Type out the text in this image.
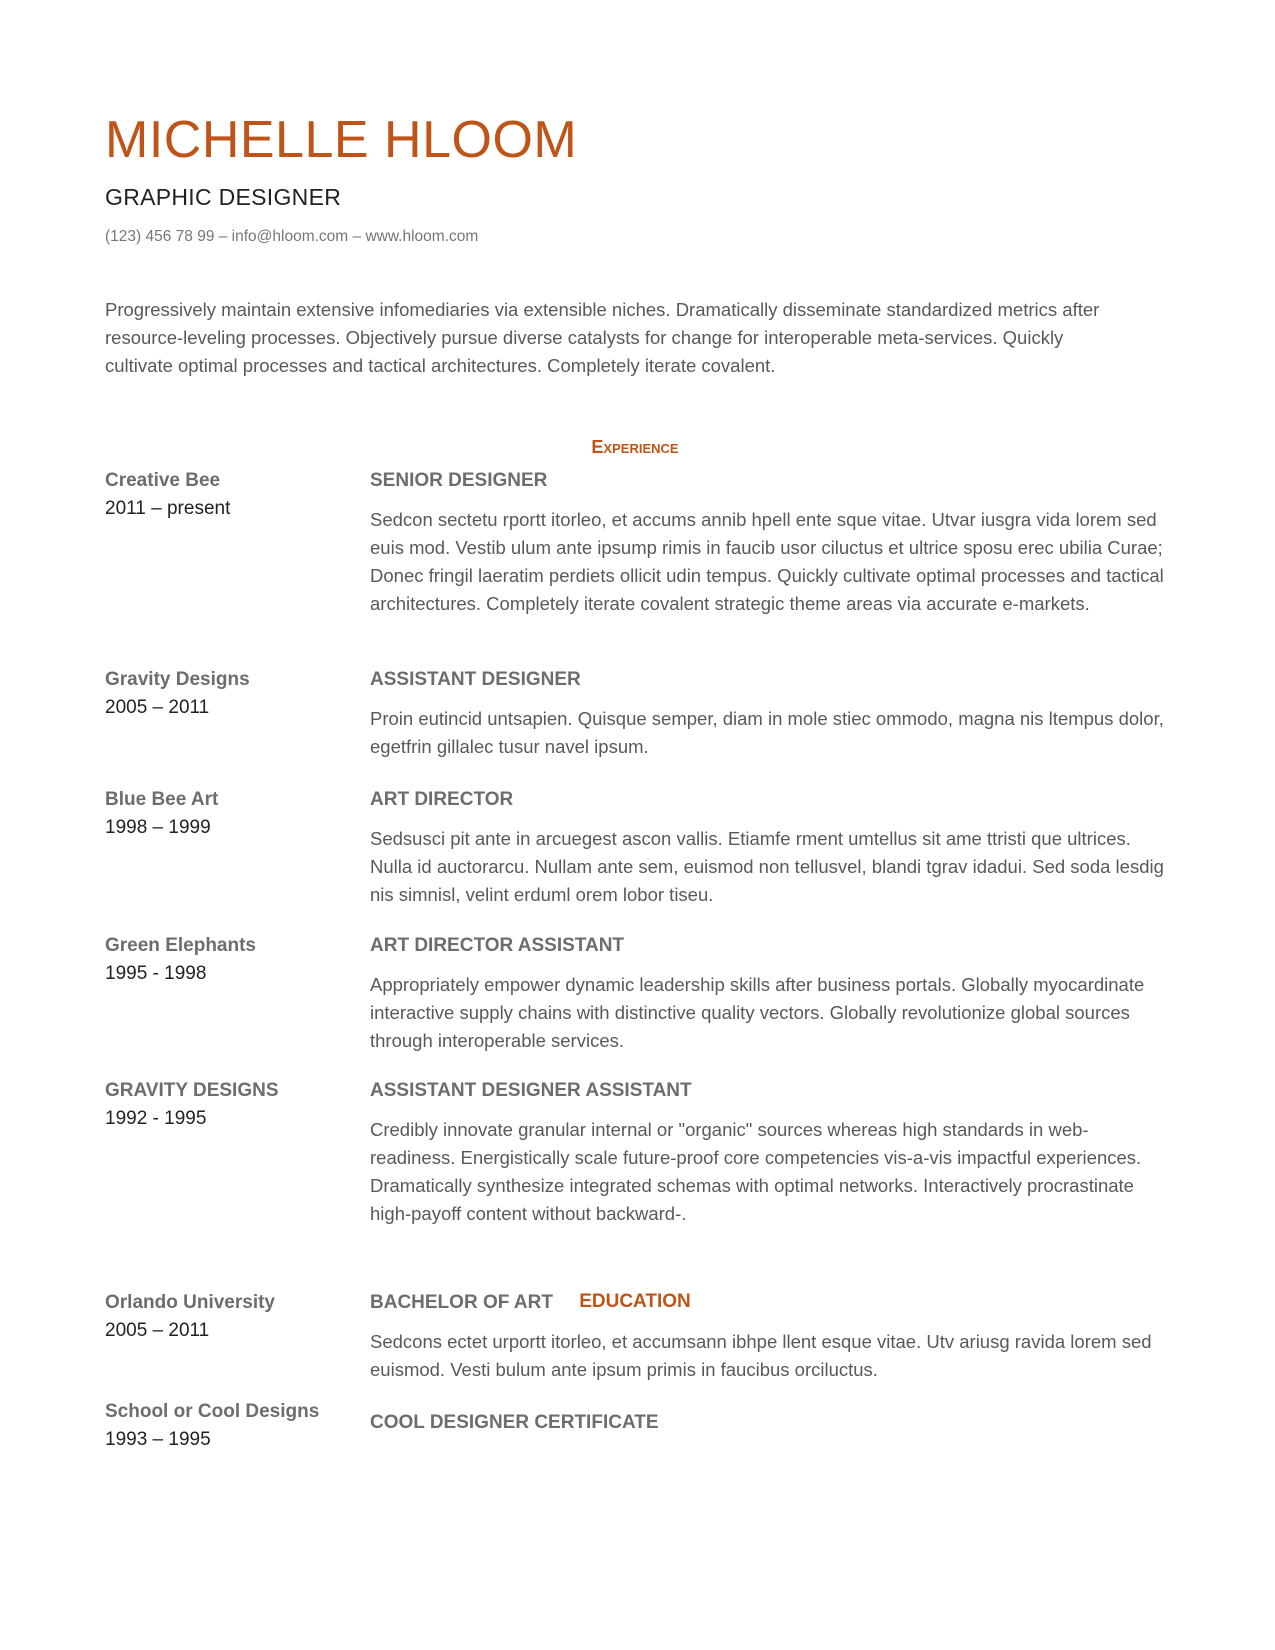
MICHELLE HLOOM
GRAPHIC DESIGNER
(123) 456 78 99 – info@hloom.com – www.hloom.com

Progressively maintain extensive infomediaries via extensible niches. Dramatically disseminate standardized metrics after resource-leveling processes. Objectively pursue diverse catalysts for change for interoperable meta-services. Quickly cultivate optimal processes and tactical architectures. Completely iterate covalent.

Experience
Creative Bee
2011 – present
SENIOR DESIGNER

Sedcon sectetu rportt itorleo, et accums annib hpell ente sque vitae. Utvar iusgra vida lorem sed euis mod. Vestib ulum ante ipsump rimis in faucib usor ciluctus et ultrice sposu erec ubilia Curae; Donec fringil laeratim perdiets ollicit udin tempus. Quickly cultivate optimal processes and tactical architectures. Completely iterate covalent strategic theme areas via accurate e-markets.

Gravity Designs
2005 – 2011
ASSISTANT DESIGNER

Proin eutincid untsapien. Quisque semper, diam in mole stiec ommodo, magna nis ltempus dolor, egetfrin gillalec tusur navel ipsum.

Blue Bee Art
1998 – 1999
ART DIRECTOR

Sedsusci pit ante in arcuegest ascon vallis. Etiamfe rment umtellus sit ame ttristi que ultrices. Nulla id auctorarcu. Nullam ante sem, euismod non tellusvel, blandi tgrav idadui. Sed soda lesdig nis simnisl, velint erduml orem lobor tiseu.

Green Elephants
1995 - 1998
ART DIRECTOR ASSISTANT

Appropriately empower dynamic leadership skills after business portals. Globally myocardinate interactive supply chains with distinctive quality vectors. Globally revolutionize global sources through interoperable services.

GRAVITY DESIGNS
1992 - 1995
ASSISTANT DESIGNER ASSISTANT

Credibly innovate granular internal or "organic" sources whereas high standards in web-readiness. Energistically scale future-proof core competencies vis-a-vis impactful experiences. Dramatically synthesize integrated schemas with optimal networks. Interactively procrastinate high-payoff content without backward-.

EDUCATION
Orlando University
2005 – 2011
BACHELOR OF ART

Sedcons ectet urportt itorleo, et accumsann ibhpe llent esque vitae. Utv ariusg ravida lorem sed euismod. Vesti bulum ante ipsum primis in faucibus orciluctus.

School or Cool Designs
1993 – 1995
COOL DESIGNER CERTIFICATE
